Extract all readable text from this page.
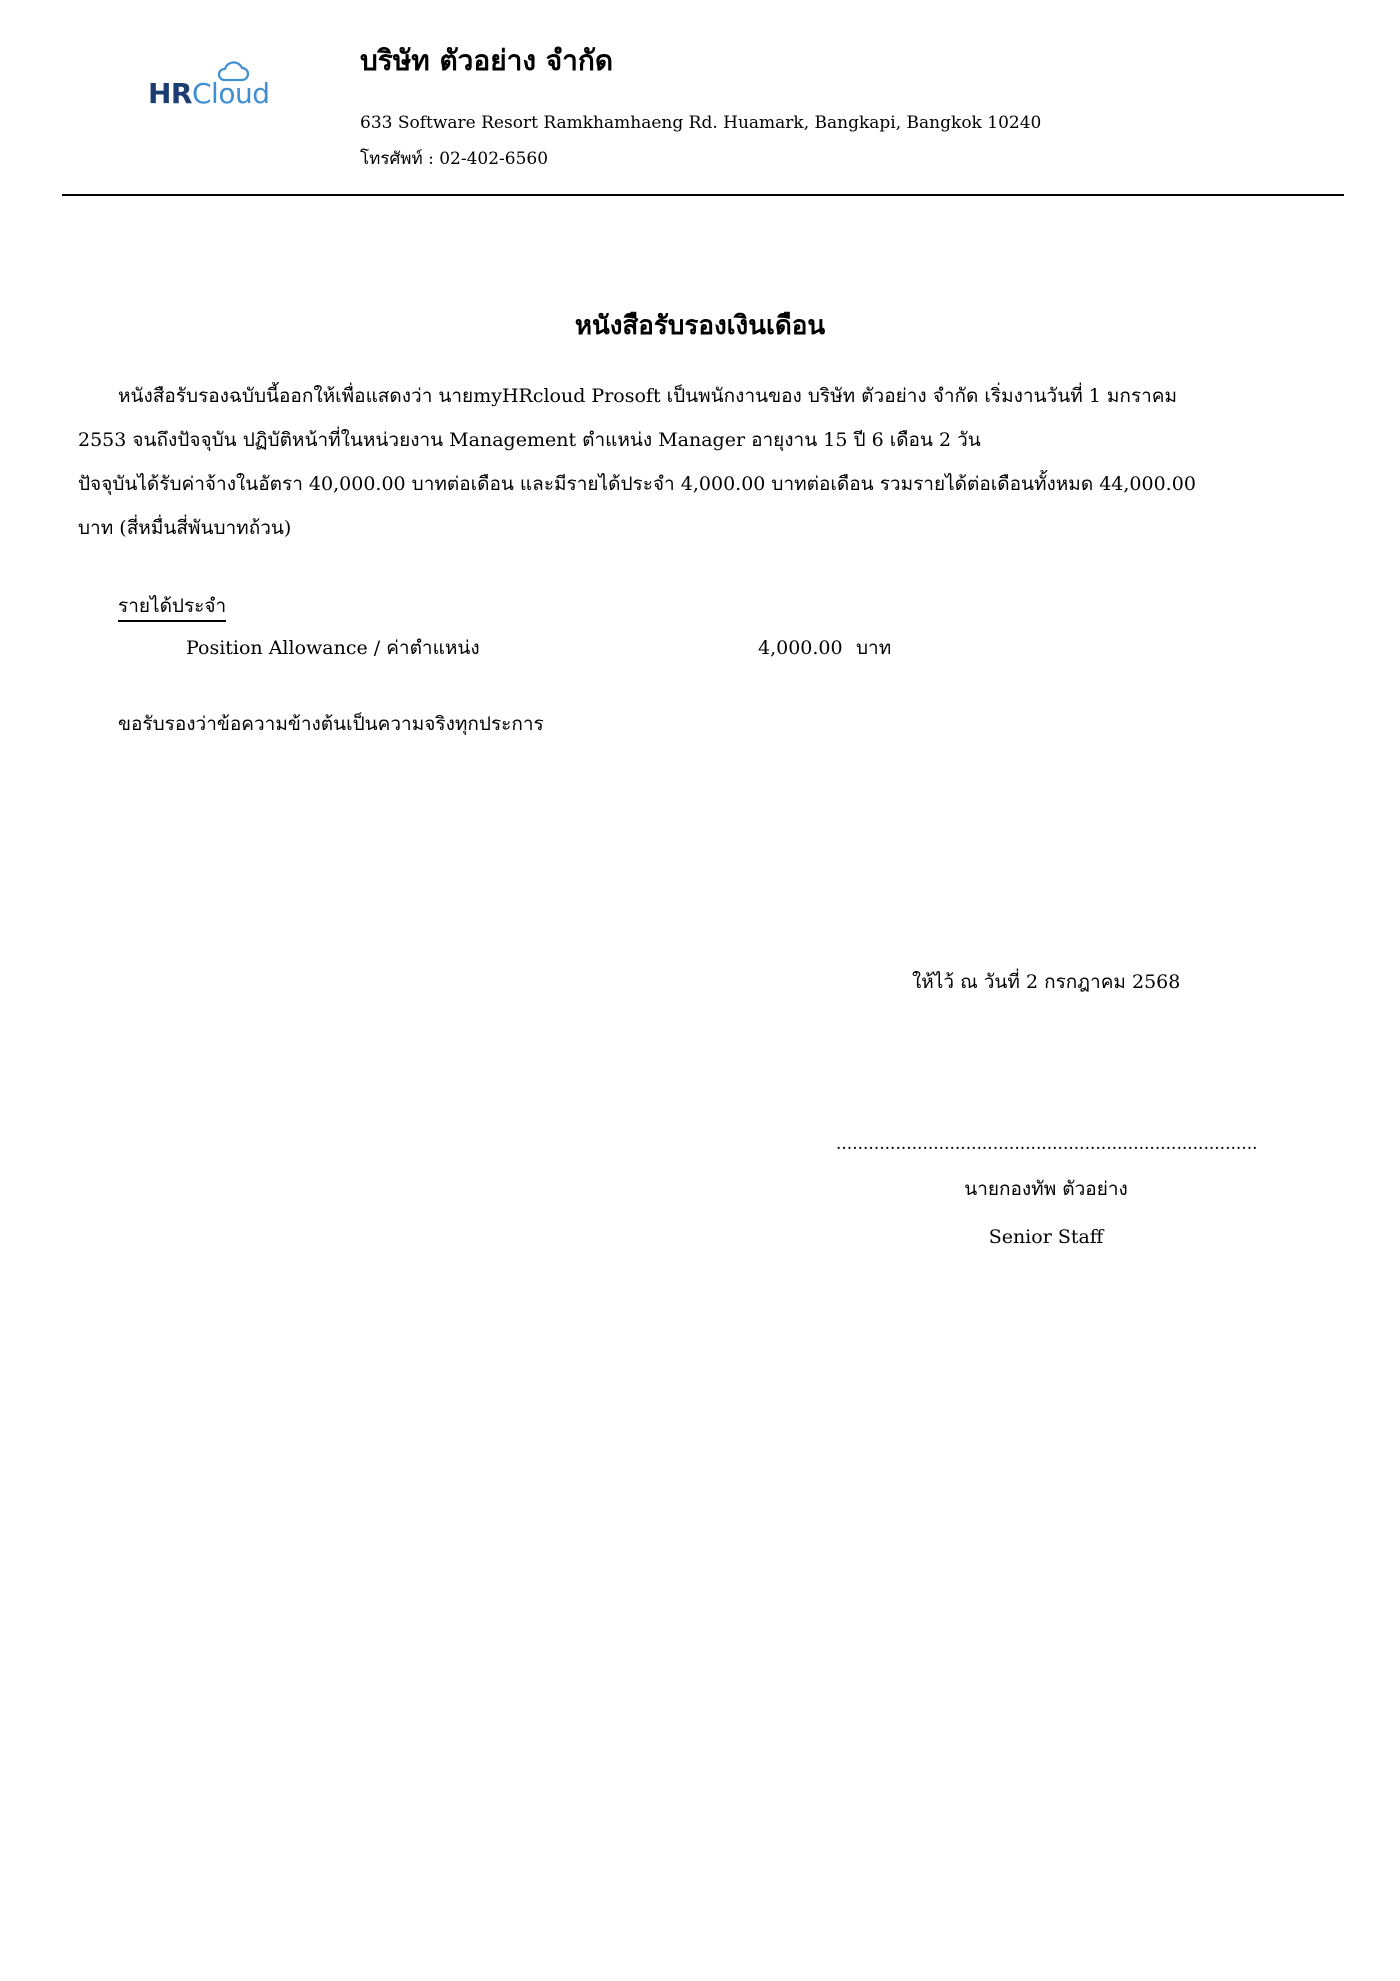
HRCloud
บริษัท ตัวอย่าง จำกัด
633 Software Resort Ramkhamhaeng Rd. Huamark, Bangkapi, Bangkok 10240
โทรศัพท์ : 02-402-6560
หนังสือรับรองเงินเดือน
หนังสือรับรองฉบับนี้ออกให้เพื่อแสดงว่า นายmyHRcloud Prosoft เป็นพนักงานของ บริษัท ตัวอย่าง จำกัด เริ่มงานวันที่ 1 มกราคม
2553 จนถึงปัจจุบัน ปฏิบัติหน้าที่ในหน่วยงาน Management ตำแหน่ง Manager อายุงาน 15 ปี 6 เดือน 2 วัน
ปัจจุบันได้รับค่าจ้างในอัตรา 40,000.00 บาทต่อเดือน และมีรายได้ประจำ 4,000.00 บาทต่อเดือน รวมรายได้ต่อเดือนทั้งหมด 44,000.00
บาท (สี่หมื่นสี่พันบาทถ้วน)
รายได้ประจำ
Position Allowance / ค่าตำแหน่ง	4,000.00 บาท
ขอรับรองว่าข้อความข้างต้นเป็นความจริงทุกประการ
ให้ไว้ ณ วันที่ 2 กรกฎาคม 2568
..............................................................................
นายกองทัพ ตัวอย่าง
Senior Staff
